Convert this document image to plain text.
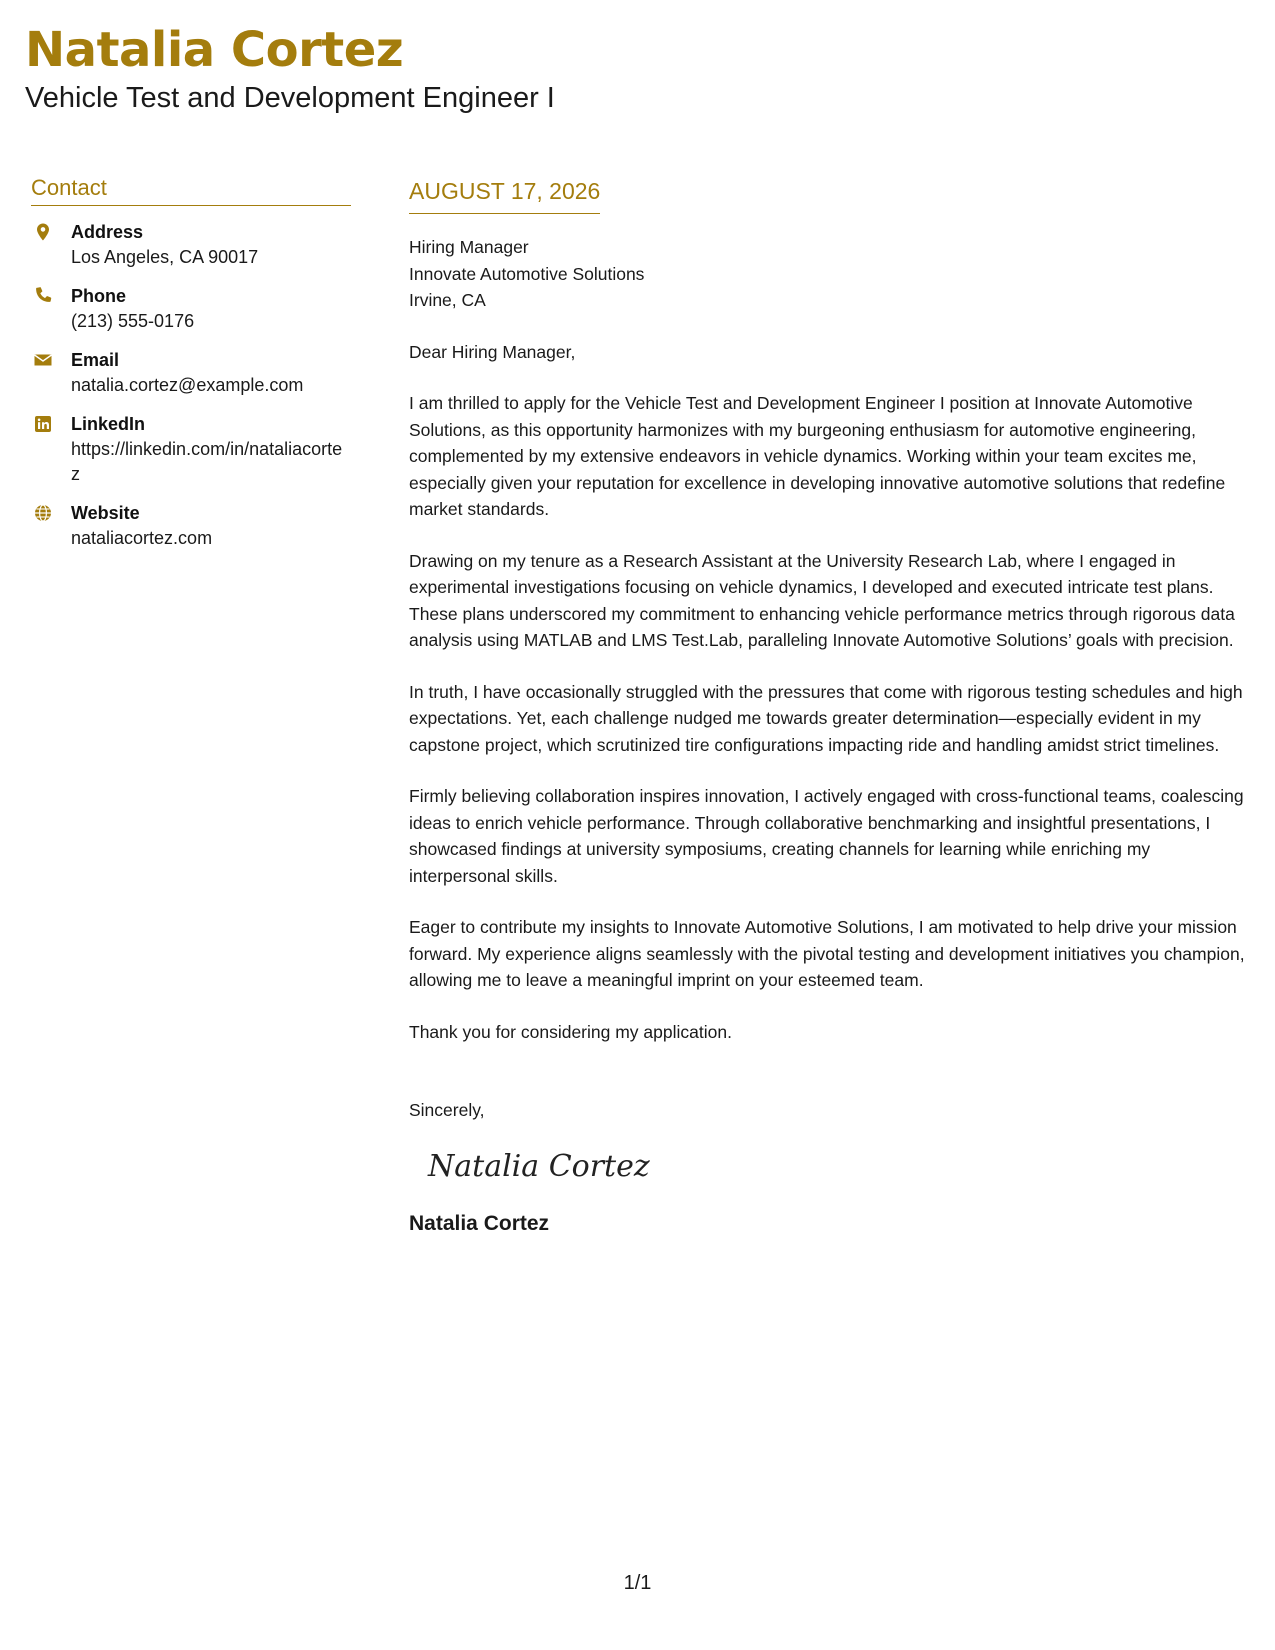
Natalia Cortez
Vehicle Test and Development Engineer I
Contact
Address
Los Angeles, CA 90017
Phone
(213) 555-0176
Email
natalia.cortez@example.com
LinkedIn
https://linkedin.com/in/nataliacortez
Website
nataliacortez.com
AUGUST 17, 2026
Hiring Manager
Innovate Automotive Solutions
Irvine, CA
Dear Hiring Manager,
I am thrilled to apply for the Vehicle Test and Development Engineer I position at Innovate Automotive Solutions, as this opportunity harmonizes with my burgeoning enthusiasm for automotive engineering, complemented by my extensive endeavors in vehicle dynamics. Working within your team excites me, especially given your reputation for excellence in developing innovative automotive solutions that redefine market standards.
Drawing on my tenure as a Research Assistant at the University Research Lab, where I engaged in experimental investigations focusing on vehicle dynamics, I developed and executed intricate test plans. These plans underscored my commitment to enhancing vehicle performance metrics through rigorous data analysis using MATLAB and LMS Test.Lab, paralleling Innovate Automotive Solutions’ goals with precision.
In truth, I have occasionally struggled with the pressures that come with rigorous testing schedules and high expectations. Yet, each challenge nudged me towards greater determination—especially evident in my capstone project, which scrutinized tire configurations impacting ride and handling amidst strict timelines.
Firmly believing collaboration inspires innovation, I actively engaged with cross-functional teams, coalescing ideas to enrich vehicle performance. Through collaborative benchmarking and insightful presentations, I showcased findings at university symposiums, creating channels for learning while enriching my interpersonal skills.
Eager to contribute my insights to Innovate Automotive Solutions, I am motivated to help drive your mission forward. My experience aligns seamlessly with the pivotal testing and development initiatives you champion, allowing me to leave a meaningful imprint on your esteemed team.
Thank you for considering my application.
Sincerely,
Natalia Cortez
Natalia Cortez
1/1
